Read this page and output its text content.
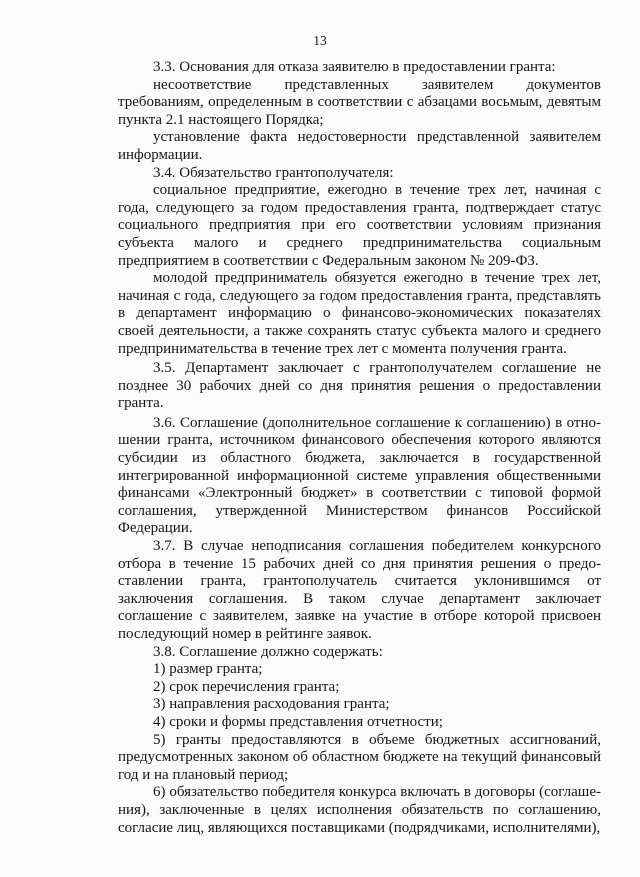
13

3.3. Основания для отказа заявителю в предоставлении гранта:

несоответствие представленных заявителем документов требованиям, определенным в соответствии с абзацами восьмым, девятым пункта 2.1 настоящего Порядка;

установление факта недостоверности представленной заявителем информации.

3.4. Обязательство грантополучателя:

социальное предприятие, ежегодно в течение трех лет, начиная с года, следующего за годом предоставления гранта, подтверждает статус социального предприятия при его соответствии условиям признания субъекта малого и среднего предпринимательства социальным предприятием в соответствии с Федеральным законом № 209-ФЗ.

молодой предприниматель обязуется ежегодно в течение трех лет, начиная с года, следующего за годом предоставления гранта, представлять в департамент информацию о финансово-экономических показателях своей деятельности, а также сохранять статус субъекта малого и среднего предпринимательства в течение трех лет с момента получения гранта.

3.5. Департамент заключает с грантополучателем соглашение не позднее 30 рабочих дней со дня принятия решения о предоставлении гранта.

3.6. Соглашение (дополнительное соглашение к соглашению) в отношении гранта, источником финансового обеспечения которого являются субсидии из областного бюджета, заключается в государственной интегрированной информационной системе управления общественными финансами «Электронный бюджет» в соответствии с типовой формой соглашения, утвержденной Министерством финансов Российской Федерации.

3.7. В случае неподписания соглашения победителем конкурсного отбора в течение 15 рабочих дней со дня принятия решения о предоставлении гранта, грантополучатель считается уклонившимся от заключения соглашения. В таком случае департамент заключает соглашение с заявителем, заявке на участие в отборе которой присвоен последующий номер в рейтинге заявок.

3.8. Соглашение должно содержать:

1) размер гранта;

2) срок перечисления гранта;

3) направления расходования гранта;

4) сроки и формы представления отчетности;

5) гранты предоставляются в объеме бюджетных ассигнований, предусмотренных законом об областном бюджете на текущий финансовый год и на плановый период;

6) обязательство победителя конкурса включать в договоры (соглашения), заключенные в целях исполнения обязательств по соглашению, согласие лиц, являющихся поставщиками (подрядчиками, исполнителями),
